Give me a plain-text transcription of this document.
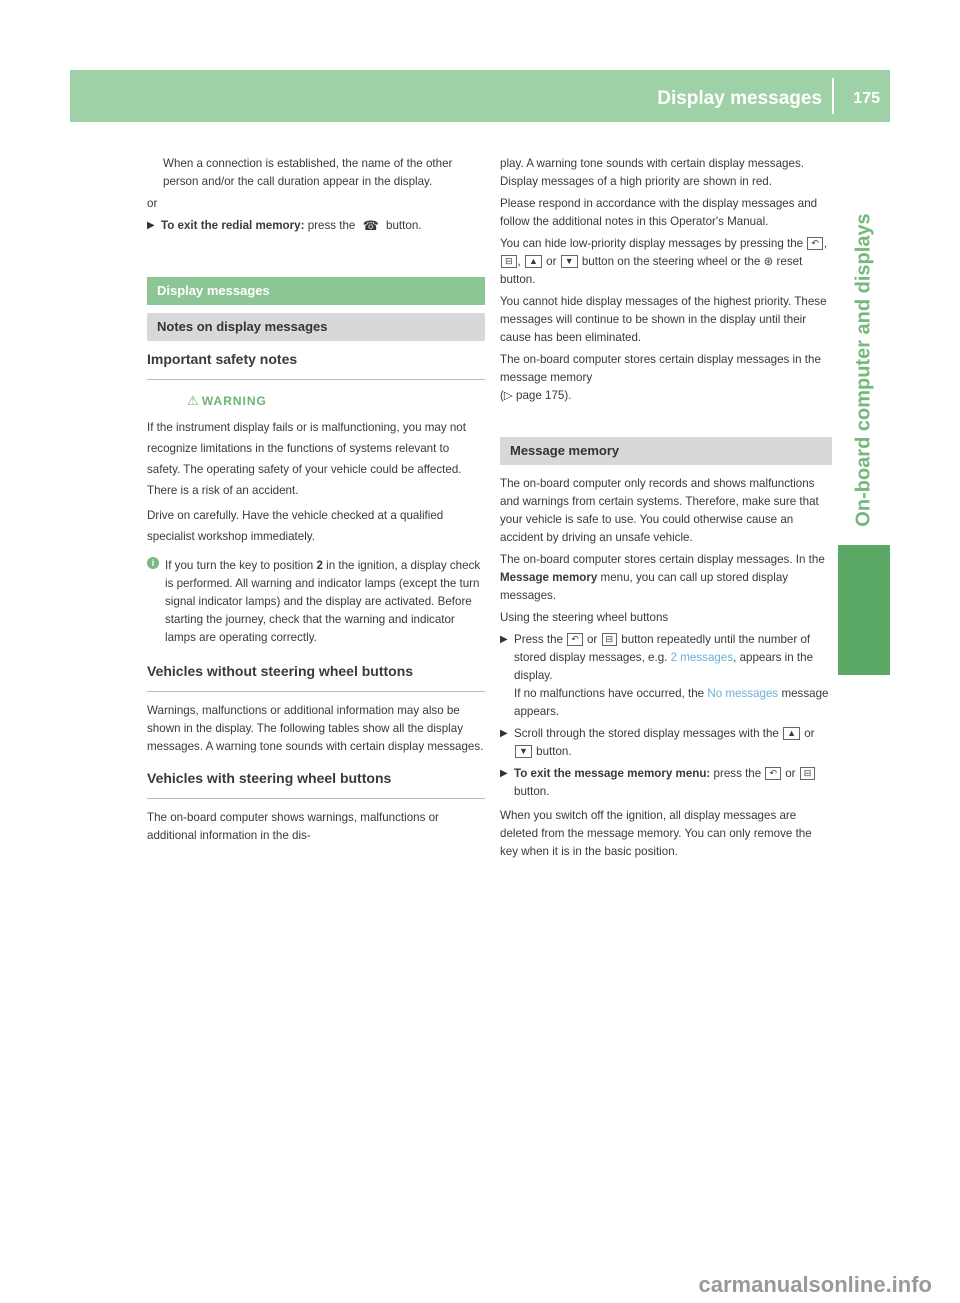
Display messages 175
On-board computer and displays

When a connection is established, the name of the other person and/or the call duration appear in the display.

or

▶ To exit the redial memory: press the ☎ button.
Display messages
Notes on display messages
Important safety notes
⚠ WARNING

If the instrument display fails or is malfunctioning, you may not recognize limitations in the functions of systems relevant to safety. The operating safety of your vehicle could be affected. There is a risk of an accident.

Drive on carefully. Have the vehicle checked at a qualified specialist workshop immediately.

i If you turn the key to position 2 in the ignition, a display check is performed. All warning and indicator lamps (except the turn signal indicator lamps) and the display are activated. Before starting the journey, check that the warning and indicator lamps are operating correctly.
Vehicles without steering wheel buttons

Warnings, malfunctions or additional information may also be shown in the display. The following tables show all the display messages. A warning tone sounds with certain display messages.

Vehicles with steering wheel buttons

The on-board computer shows warnings, malfunctions or additional information in the dis-

play. A warning tone sounds with certain display messages. Display messages of a high priority are shown in red.

Please respond in accordance with the display messages and follow the additional notes in this Operator's Manual.

You can hide low-priority display messages by pressing the ↶ , ⊟ , ▲ or ▼ button on the steering wheel or the ⊛ reset button.

You cannot hide display messages of the highest priority. These messages will continue to be shown in the display until their cause has been eliminated.

The on-board computer stores certain display messages in the message memory
(▷ page 175).

Message memory

The on-board computer only records and shows malfunctions and warnings from certain systems. Therefore, make sure that your vehicle is safe to use. You could otherwise cause an accident by driving an unsafe vehicle.

The on-board computer stores certain display messages. In the Message memory menu, you can call up stored display messages.

Using the steering wheel buttons

▶ Press the ↶ or ⊟ button repeatedly until the number of stored display messages, e.g. 2 messages, appears in the display.
If no malfunctions have occurred, the No messages message appears.
▶ Scroll through the stored display messages with the ▲ or ▼ button.
▶ To exit the message memory menu: press the ↶ or ⊟ button.

When you switch off the ignition, all display messages are deleted from the message memory. You can only remove the key when it is in the basic position.

carmanualsonline.info
